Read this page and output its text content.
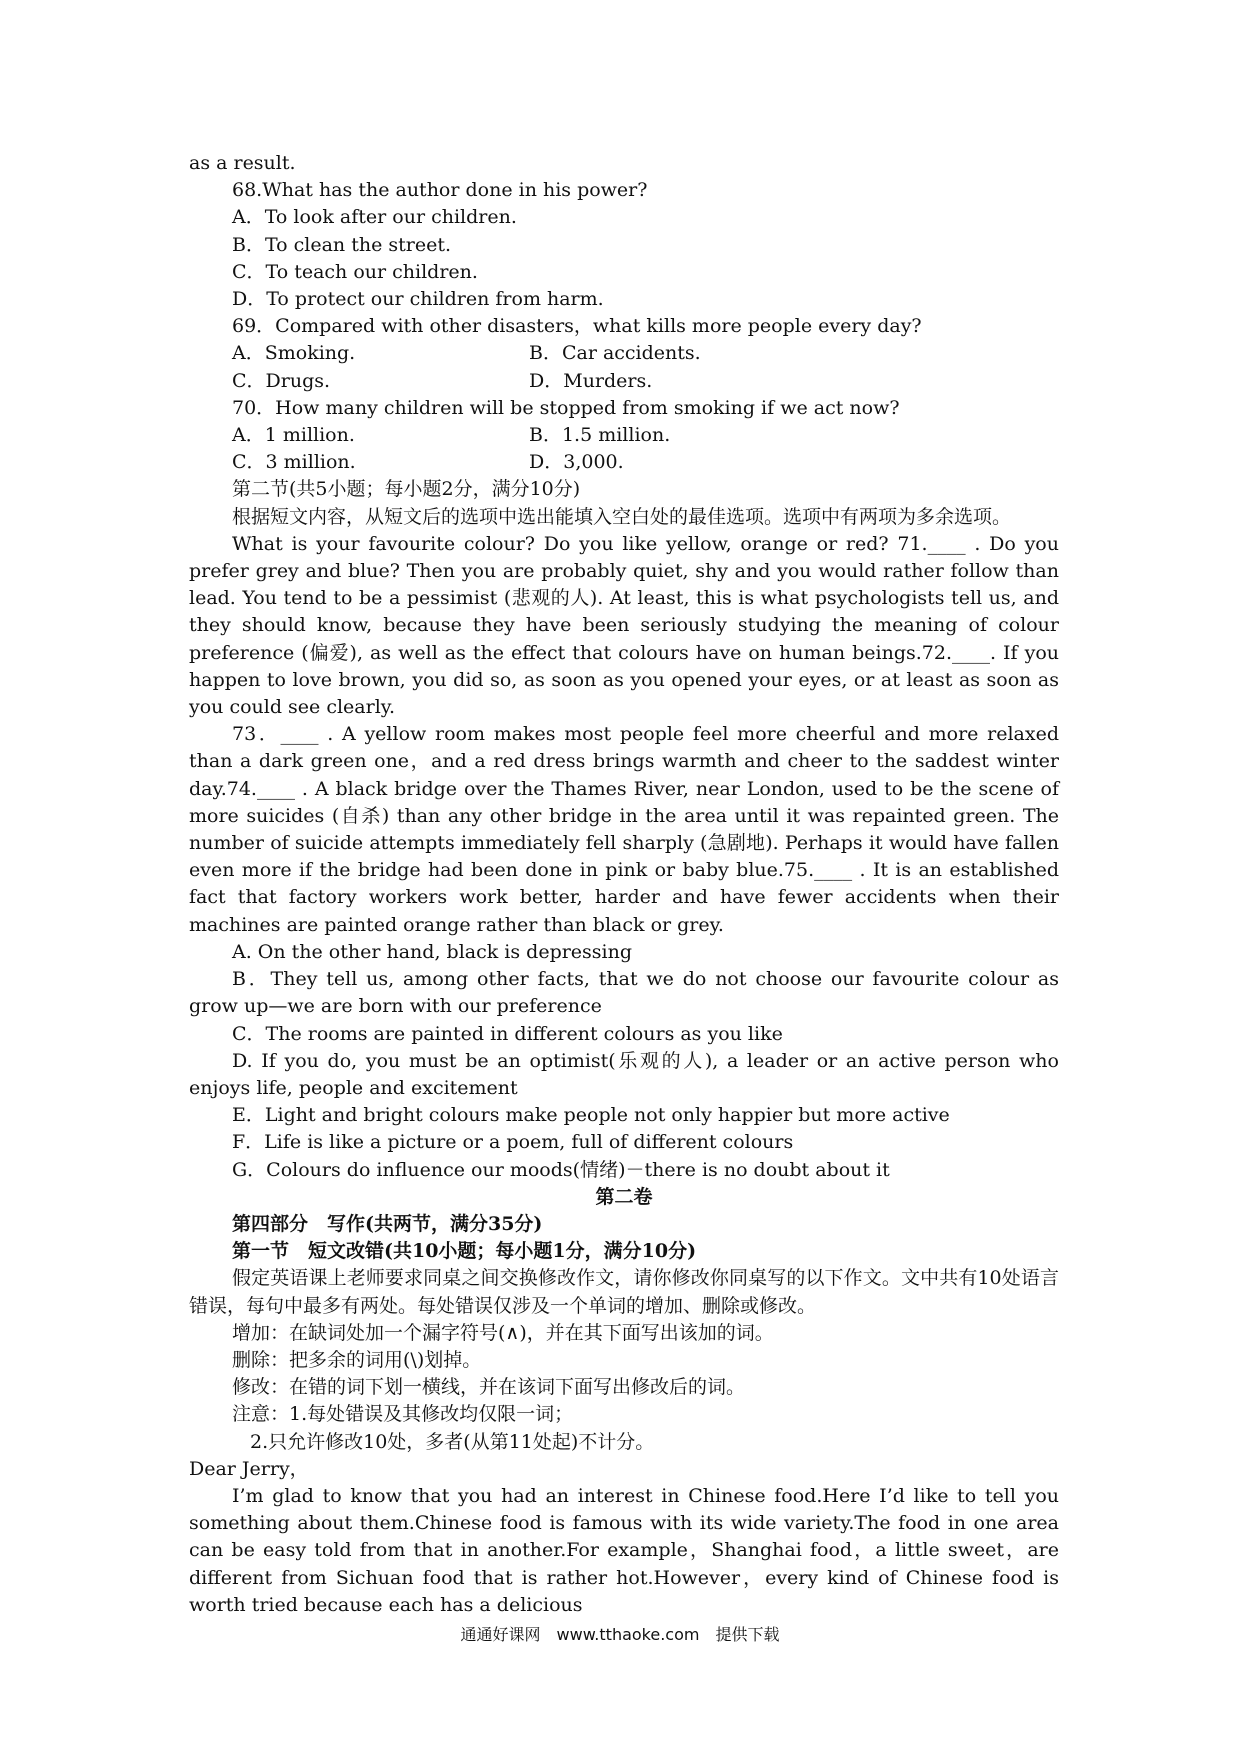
as a result.
68.What has the author done in his power?
A．To look after our children.
B．To clean the street.
C．To teach our children.
D．To protect our children from harm.
69．Compared with other disasters，what kills more people every day?
A．Smoking.	B．Car accidents.
C．Drugs.	D．Murders.
70．How many children will be stopped from smoking if we act now?
A．1 million.	B．1.5 million.
C．3 million.	D．3,000.
第二节(共5小题；每小题2分，满分10分)
根据短文内容，从短文后的选项中选出能填入空白处的最佳选项。选项中有两项为多余选项。
What is your favourite colour? Do you like yellow, orange or red? 71.____ . Do you prefer grey and blue? Then you are probably quiet, shy and you would rather follow than lead. You tend to be a pessimist (悲观的人). At least, this is what psychologists tell us, and they should know, because they have been seriously studying the meaning of colour preference (偏爱), as well as the effect that colours have on human beings.72.____. If you happen to love brown, you did so, as soon as you opened your eyes, or at least as soon as you could see clearly.
73．____ . A yellow room makes most people feel more cheerful and more relaxed than a dark green one，and a red dress brings warmth and cheer to the saddest winter day.74.____ . A black bridge over the Thames River, near London, used to be the scene of more suicides (自杀) than any other bridge in the area until it was repainted green. The number of suicide attempts immediately fell sharply (急剧地). Perhaps it would have fallen even more if the bridge had been done in pink or baby blue.75.____ . It is an established fact that factory workers work better, harder and have fewer accidents when their machines are painted orange rather than black or grey.
A. On the other hand, black is depressing
B．They tell us, among other facts, that we do not choose our favourite colour as grow up—we are born with our preference
C．The rooms are painted in different colours as you like
D. If you do, you must be an optimist(乐观的人), a leader or an active person who enjoys life, people and excitement
E．Light and bright colours make people not only happier but more active
F．Life is like a picture or a poem, full of different colours
G．Colours do influence our moods(情绪)－there is no doubt about it
第二卷
第四部分　写作(共两节，满分35分)
第一节　短文改错(共10小题；每小题1分，满分10分)
假定英语课上老师要求同桌之间交换修改作文，请你修改你同桌写的以下作文。文中共有10处语言错误，每句中最多有两处。每处错误仅涉及一个单词的增加、删除或修改。
增加：在缺词处加一个漏字符号(∧)，并在其下面写出该加的词。
删除：把多余的词用(\)划掉。
修改：在错的词下划一横线，并在该词下面写出修改后的词。
注意：1.每处错误及其修改均仅限一词；
2.只允许修改10处，多者(从第11处起)不计分。
Dear Jerry，
I’m glad to know that you had an interest in Chinese food.Here I’d like to tell you something about them.Chinese food is famous with its wide variety.The food in one area can be easy told from that in another.For example，Shanghai food，a little sweet，are different from Sichuan food that is rather hot.However，every kind of Chinese food is worth tried because each has a delicious
通通好课网　www.tthaoke.com　提供下载
